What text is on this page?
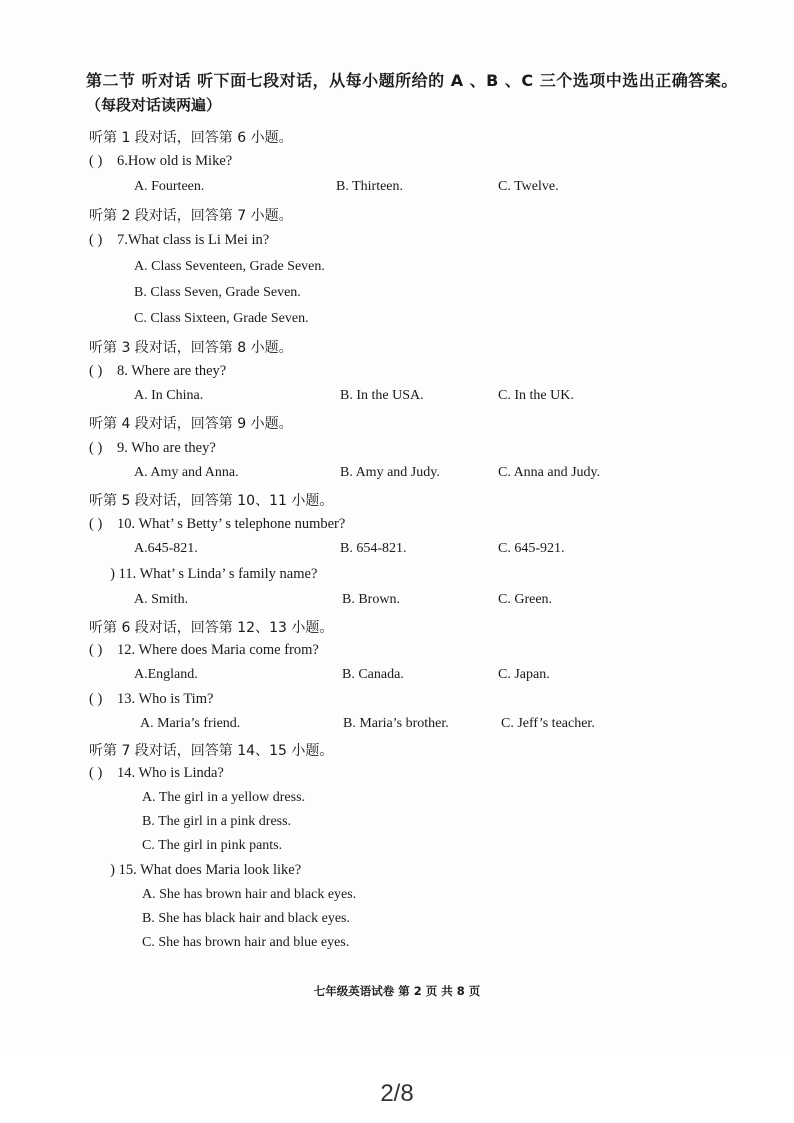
第二节 听对话 听下面七段对话，从每小题所给的 A 、B 、C 三个选项中选出正确答案。
（每段对话读两遍）
听第 1 段对话，回答第 6 小题。
( ) 6.How old is Mike?
A. Fourteen.	B. Thirteen.	C. Twelve.
听第 2 段对话，回答第 7 小题。
( ) 7.What class is Li Mei in?
A. Class Seventeen, Grade Seven.
B. Class Seven, Grade Seven.
C. Class Sixteen, Grade Seven.
听第 3 段对话，回答第 8 小题。
( ) 8. Where are they?
A. In China.	B. In the USA.	C. In the UK.
听第 4 段对话，回答第 9 小题。
( ) 9. Who are they?
A. Amy and Anna.	B. Amy and Judy.	C. Anna and Judy.
听第 5 段对话，回答第 10、11 小题。
( ) 10. What’ s Betty’ s telephone number?
A.645-821.	B. 654-821.	C. 645-921.
) 11. What’ s Linda’ s family name?
A. Smith.	B. Brown.	C. Green.
听第 6 段对话，回答第 12、13 小题。
( ) 12. Where does Maria come from?
A.England.	B. Canada.	C. Japan.
( ) 13. Who is Tim?
A. Maria’s friend.	B. Maria’s brother.	C. Jeff’s teacher.
听第 7 段对话，回答第 14、15 小题。
( ) 14. Who is Linda?
A. The girl in a yellow dress.
B. The girl in a pink dress.
C. The girl in pink pants.
) 15. What does Maria look like?
A. She has brown hair and black eyes.
B. She has black hair and black eyes.
C. She has brown hair and blue eyes.
七年级英语试卷 第 2 页 共 8 页
2/8
